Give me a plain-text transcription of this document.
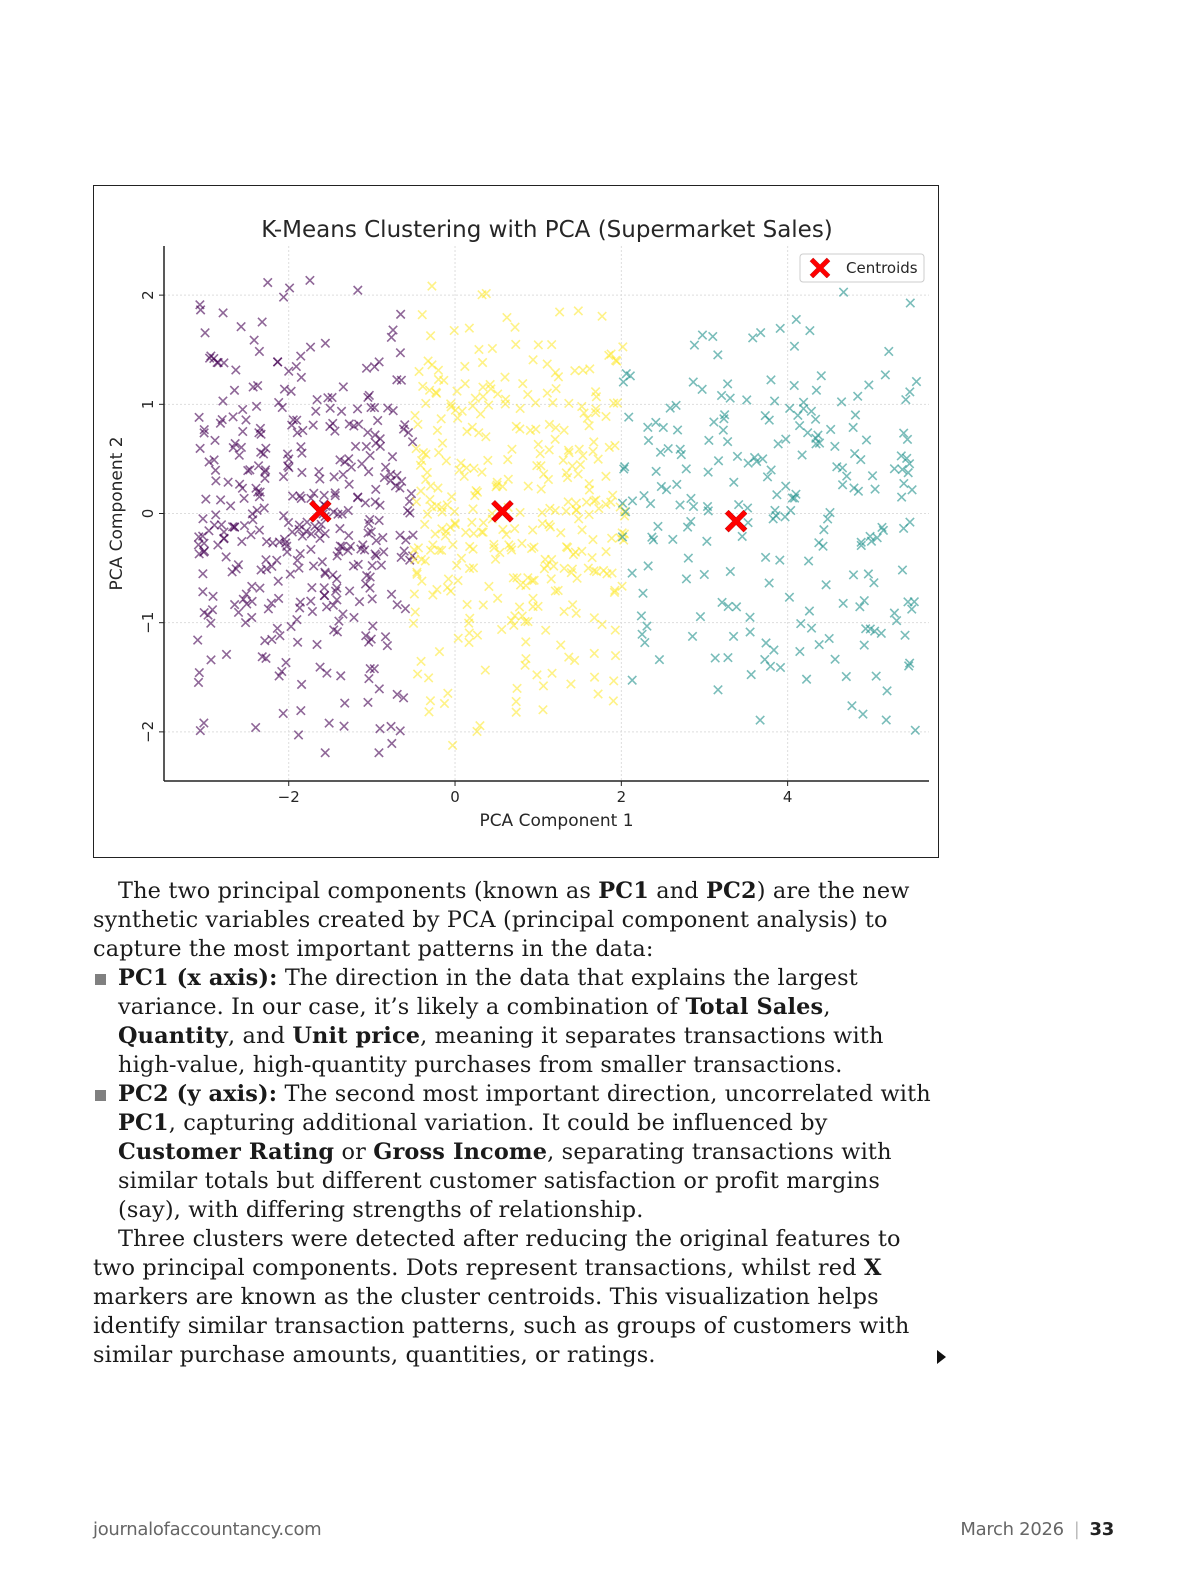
−2	0	2	4
−2
−1
0
1
2
K-Means Clustering with PCA (Supermarket Sales)
PCA Component 1
PCA Component 2
Centroids

The two principal components (known as PC1 and PC2) are the new synthetic variables created by PCA (principal component analysis) to capture the most important patterns in the data:

PC1 (x axis): The direction in the data that explains the largest variance. In our case, it’s likely a combination of Total Sales, Quantity, and Unit price, meaning it separates transactions with high-value, high-quantity purchases from smaller transactions.
PC2 (y axis): The second most important direction, uncorrelated with PC1, capturing additional variation. It could be influenced by Customer Rating or Gross Income, separating transactions with similar totals but different customer satisfaction or profit margins (say), with differing strengths of relationship.

Three clusters were detected after reducing the original features to two principal components. Dots represent transactions, whilst red X markers are known as the cluster centroids. This visualization helps identify similar transaction patterns, such as groups of customers with similar purchase amounts, quantities, or ratings.

journalofaccountancy.com	March 2026 | 33
